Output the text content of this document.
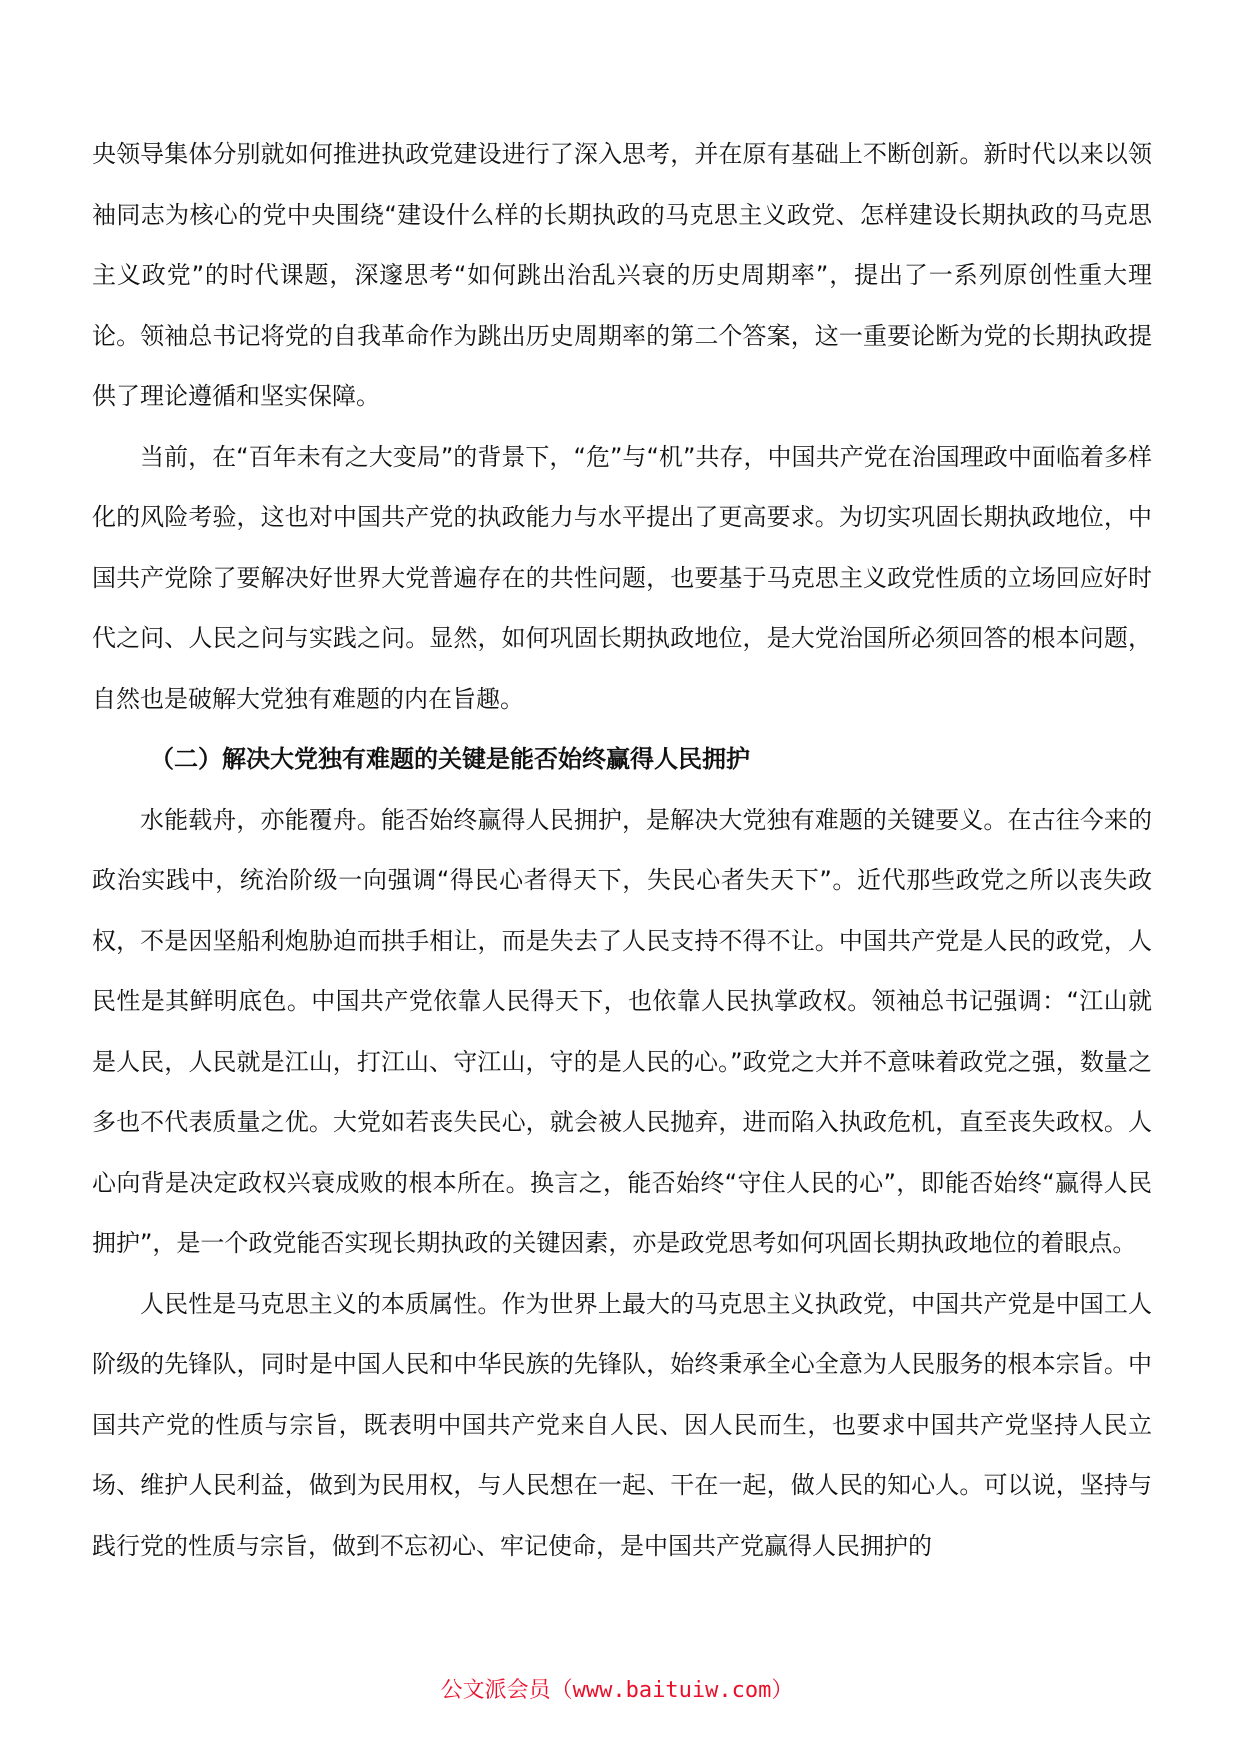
央领导集体分别就如何推进执政党建设进行了深入思考，并在原有基础上不断创新。新时代以来以领袖同志为核心的党中央围绕“建设什么样的长期执政的马克思主义政党、怎样建设长期执政的马克思主义政党”的时代课题，深邃思考“如何跳出治乱兴衰的历史周期率”，提出了一系列原创性重大理论。领袖总书记将党的自我革命作为跳出历史周期率的第二个答案，这一重要论断为党的长期执政提供了理论遵循和坚实保障。

当前，在“百年未有之大变局”的背景下，“危”与“机”共存，中国共产党在治国理政中面临着多样化的风险考验，这也对中国共产党的执政能力与水平提出了更高要求。为切实巩固长期执政地位，中国共产党除了要解决好世界大党普遍存在的共性问题，也要基于马克思主义政党性质的立场回应好时代之问、人民之问与实践之问。显然，如何巩固长期执政地位，是大党治国所必须回答的根本问题，自然也是破解大党独有难题的内在旨趣。

（二）解决大党独有难题的关键是能否始终赢得人民拥护

水能载舟，亦能覆舟。能否始终赢得人民拥护，是解决大党独有难题的关键要义。在古往今来的政治实践中，统治阶级一向强调“得民心者得天下，失民心者失天下”。近代那些政党之所以丧失政权，不是因坚船利炮胁迫而拱手相让，而是失去了人民支持不得不让。中国共产党是人民的政党，人民性是其鲜明底色。中国共产党依靠人民得天下，也依靠人民执掌政权。领袖总书记强调：“江山就是人民，人民就是江山，打江山、守江山，守的是人民的心。”政党之大并不意味着政党之强，数量之多也不代表质量之优。大党如若丧失民心，就会被人民抛弃，进而陷入执政危机，直至丧失政权。人心向背是决定政权兴衰成败的根本所在。换言之，能否始终“守住人民的心”，即能否始终“赢得人民拥护”，是一个政党能否实现长期执政的关键因素，亦是政党思考如何巩固长期执政地位的着眼点。

人民性是马克思主义的本质属性。作为世界上最大的马克思主义执政党，中国共产党是中国工人阶级的先锋队，同时是中国人民和中华民族的先锋队，始终秉承全心全意为人民服务的根本宗旨。中国共产党的性质与宗旨，既表明中国共产党来自人民、因人民而生，也要求中国共产党坚持人民立场、维护人民利益，做到为民用权，与人民想在一起、干在一起，做人民的知心人。可以说，坚持与践行党的性质与宗旨，做到不忘初心、牢记使命，是中国共产党赢得人民拥护的

公文派会员（www.baituiw.com）
